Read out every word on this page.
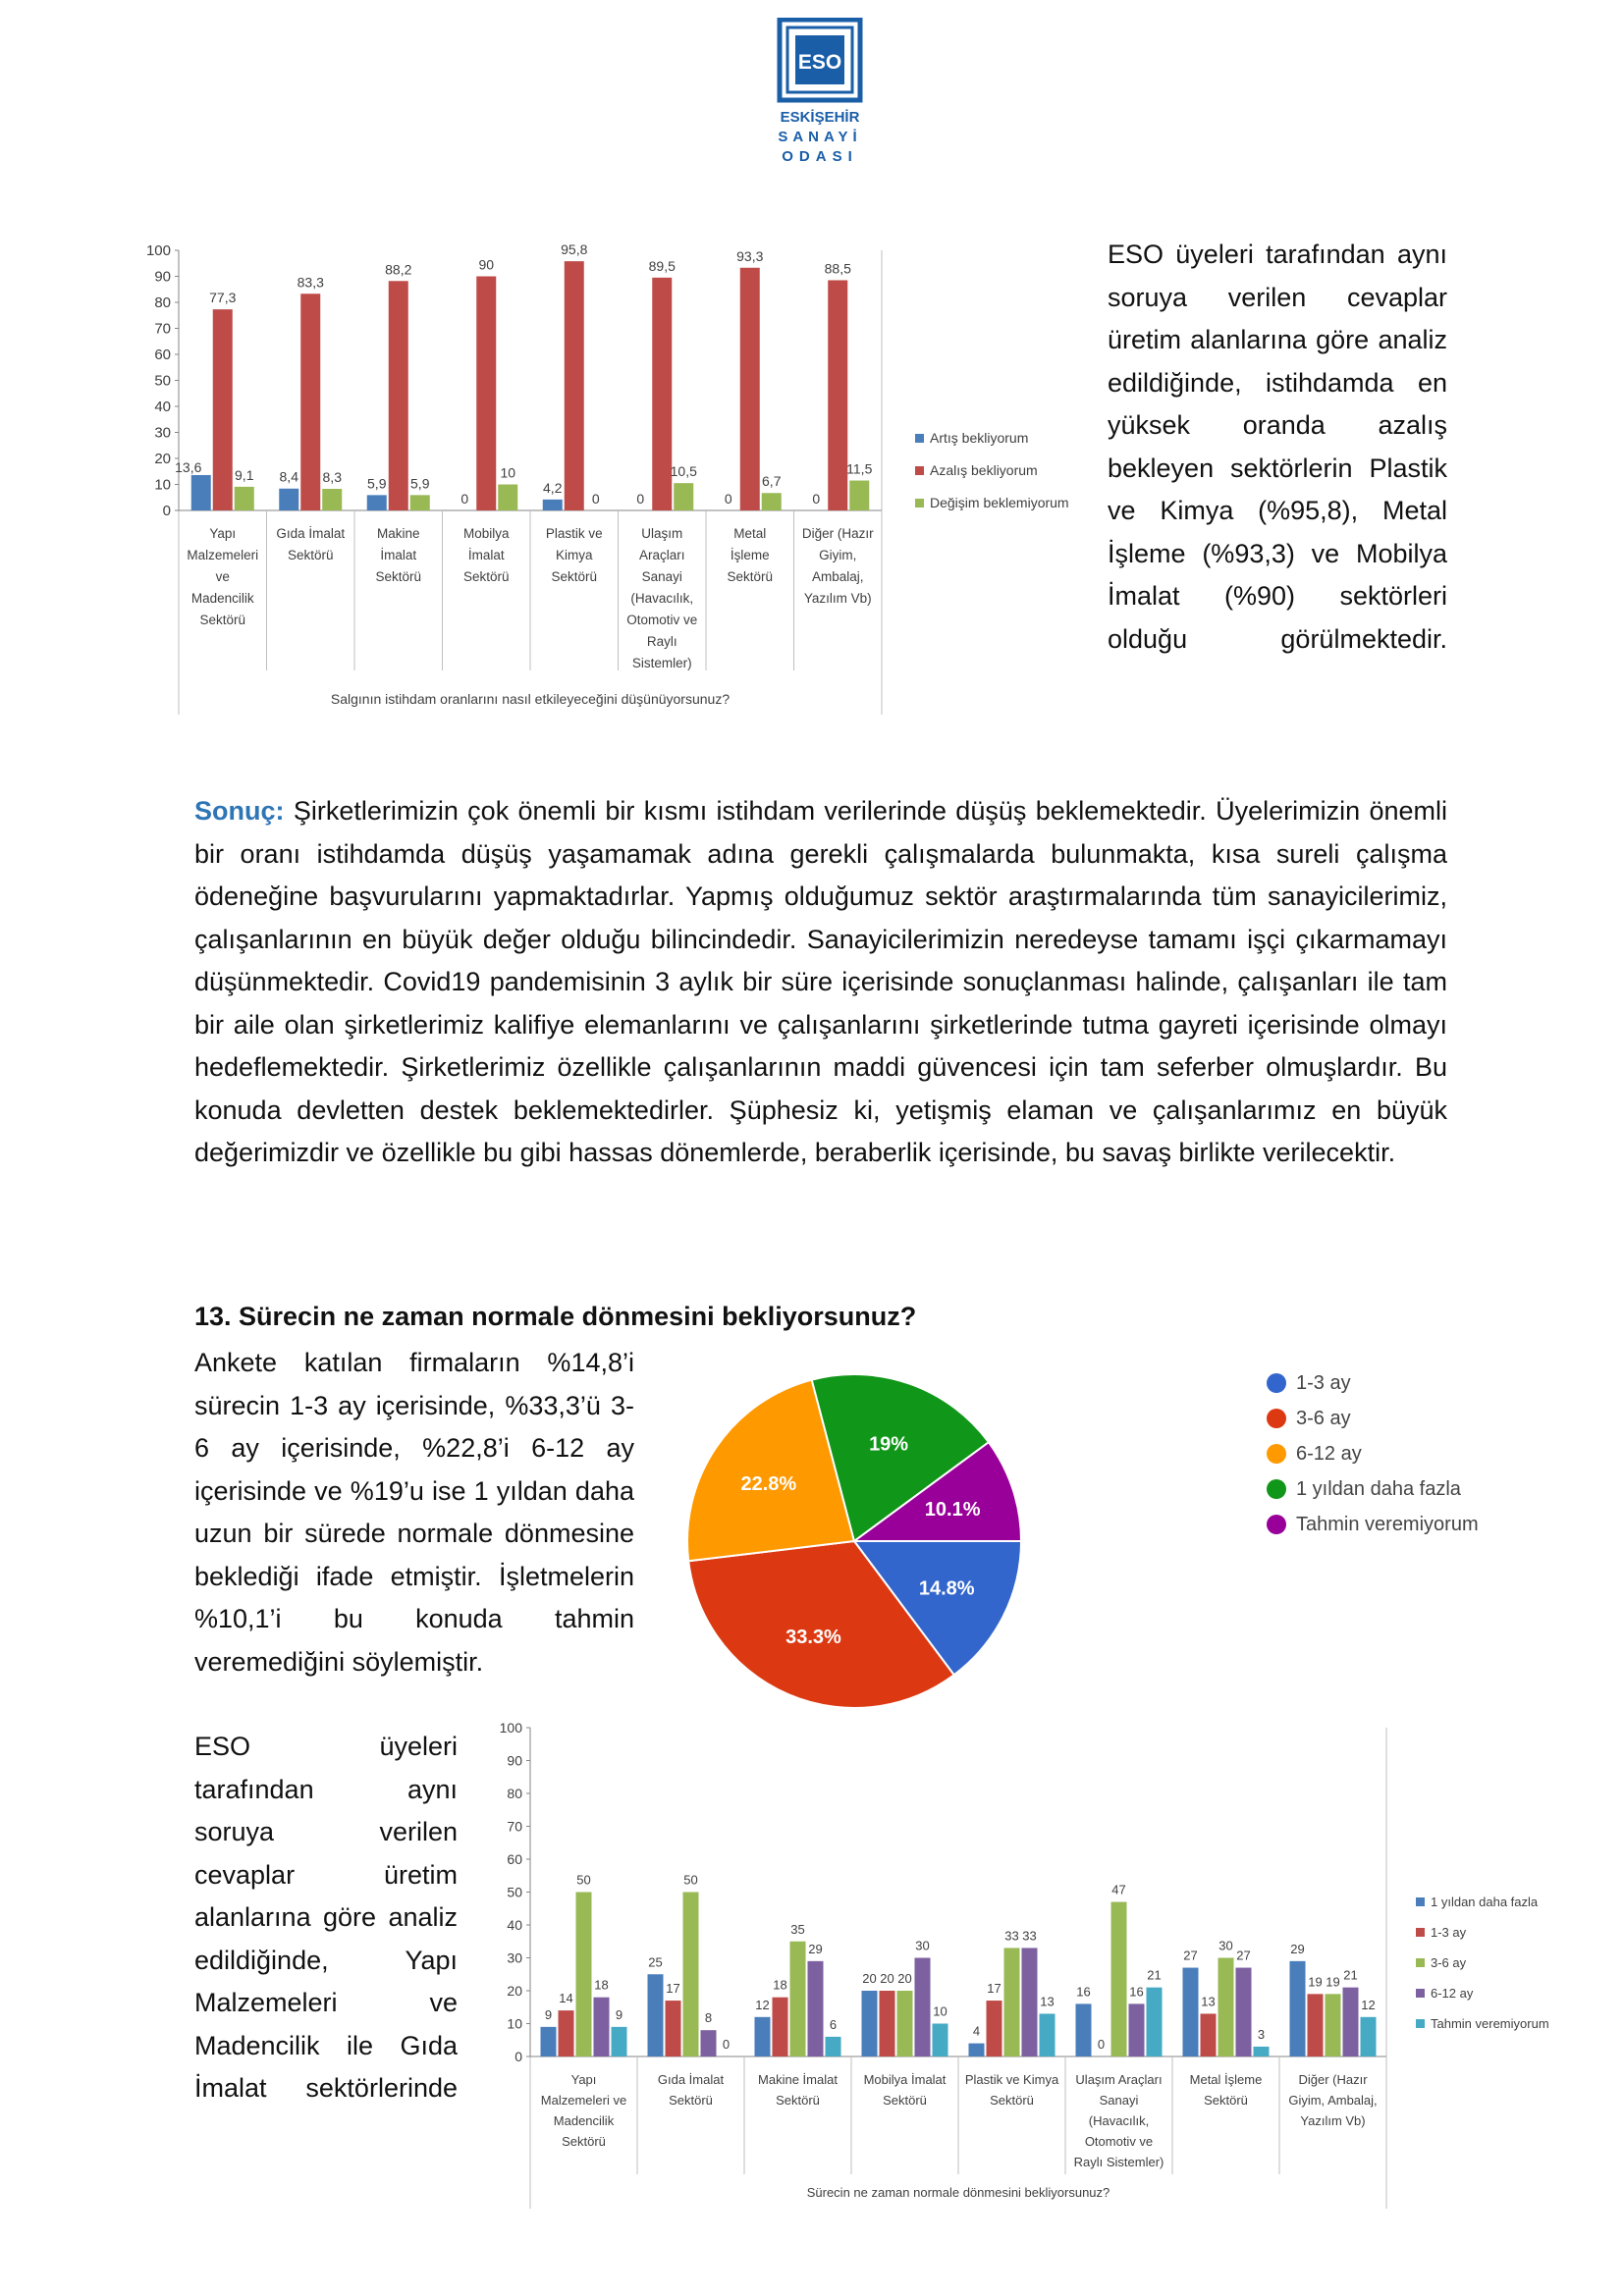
ESO
ESKİŞEHİR
SANAYİ
ODASI
0
10
20
30
40
50
60
70
80
90
100
13,6
77,3
9,1
Yapı
Malzemeleri
ve
Madencilik
Sektörü
8,4
83,3
8,3
Gıda İmalat
Sektörü
5,9
88,2
5,9
Makine
İmalat
Sektörü
0
90
10
Mobilya
İmalat
Sektörü
4,2
95,8
0
Plastik ve
Kimya
Sektörü
0
89,5
10,5
Ulaşım
Araçları
Sanayi
(Havacılık,
Otomotiv ve
Raylı
Sistemler)
0
93,3
6,7
Metal
İşleme
Sektörü
0
88,5
11,5
Diğer (Hazır
Giyim,
Ambalaj,
Yazılım Vb)
Salgının istihdam oranlarını nasıl etkileyeceğini düşünüyorsunuz?
Artış bekliyorum
Azalış bekliyorum
Değişim beklemiyorum
ESO üyeleri tarafından aynı soruya verilen cevaplar üretim alanlarına göre analiz edildiğinde, istihdamda en yüksek oranda azalış bekleyen sektörlerin Plastik ve Kimya (%95,8), Metal İşleme (%93,3) ve Mobilya İmalat (%90) sektörleri olduğu görülmektedir.
Sonuç: Şirketlerimizin çok önemli bir kısmı istihdam verilerinde düşüş beklemektedir. Üyelerimizin önemli bir oranı istihdamda düşüş yaşamamak adına gerekli çalışmalarda bulunmakta, kısa sureli çalışma ödeneğine başvurularını yapmaktadırlar. Yapmış olduğumuz sektör araştırmalarında tüm sanayicilerimiz, çalışanlarının en büyük değer olduğu bilincindedir. Sanayicilerimizin neredeyse tamamı işçi çıkarmamayı düşünmektedir. Covid19 pandemisinin 3 aylık bir süre içerisinde sonuçlanması halinde, çalışanları ile tam bir aile olan şirketlerimiz kalifiye elemanlarını ve çalışanlarını şirketlerinde tutma gayreti içerisinde olmayı hedeflemektedir. Şirketlerimiz özellikle çalışanlarının maddi güvencesi için tam seferber olmuşlardır. Bu konuda devletten destek beklemektedirler. Şüphesiz ki, yetişmiş elaman ve çalışanlarımız en büyük değerimizdir ve özellikle bu gibi hassas dönemlerde, beraberlik içerisinde, bu savaş birlikte verilecektir.
13. Sürecin ne zaman normale dönmesini bekliyorsunuz?
Ankete katılan firmaların %14,8’i sürecin 1-3 ay içerisinde, %33,3’ü 3-6 ay içerisinde, %22,8’i 6-12 ay içerisinde ve %19’u ise 1 yıldan daha uzun bir sürede normale dönmesine beklediği ifade etmiştir. İşletmelerin %10,1’i bu konuda tahmin veremediğini söylemiştir.
14.8%
33.3%
22.8%
19%
10.1%
1-3 ay
3-6 ay
6-12 ay
1 yıldan daha fazla
Tahmin veremiyorum
ESO üyeleri tarafından aynı soruya verilen cevaplar üretim alanlarına göre analiz edildiğinde, Yapı Malzemeleri ve Madencilik ile Gıda İmalat sektörlerinde
0
10
20
30
40
50
60
70
80
90
100
9
14
50
18
9
Yapı
Malzemeleri ve
Madencilik
Sektörü
25
17
50
8
0
Gıda İmalat
Sektörü
12
18
35
29
6
Makine İmalat
Sektörü
20 20 20
30
10
Mobilya İmalat
Sektörü
4
17
33 33
13
Plastik ve Kimya
Sektörü
16
0
47
16
21
Ulaşım Araçları
Sanayi
(Havacılık,
Otomotiv ve
Raylı Sistemler)
27
13
30
27
3
Metal İşleme
Sektörü
29
19 19 21
12
Diğer (Hazır
Giyim, Ambalaj,
Yazılım Vb)
Sürecin ne zaman normale dönmesini bekliyorsunuz?
1 yıldan daha fazla
1-3 ay
3-6 ay
6-12 ay
Tahmin veremiyorum
